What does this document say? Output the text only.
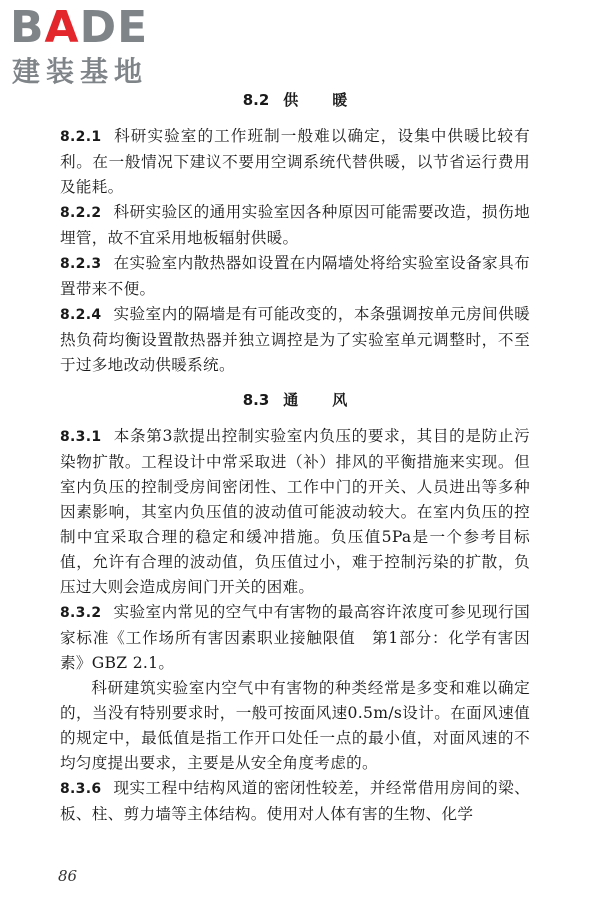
BADE
建装基地
8.2 供暖

8.2.1 科研实验室的工作班制一般难以确定，设集中供暖比较有利。在一般情况下建议不要用空调系统代替供暖，以节省运行费用及能耗。

8.2.2 科研实验区的通用实验室因各种原因可能需要改造，损伤地埋管，故不宜采用地板辐射供暖。

8.2.3 在实验室内散热器如设置在内隔墙处将给实验室设备家具布置带来不便。

8.2.4 实验室内的隔墙是有可能改变的，本条强调按单元房间供暖热负荷均衡设置散热器并独立调控是为了实验室单元调整时，不至于过多地改动供暖系统。

8.3 通风

8.3.1 本条第3款提出控制实验室内负压的要求，其目的是防止污染物扩散。工程设计中常采取进（补）排风的平衡措施来实现。但室内负压的控制受房间密闭性、工作中门的开关、人员进出等多种因素影响，其室内负压值的波动值可能波动较大。在室内负压的控制中宜采取合理的稳定和缓冲措施。负压值5Pa是一个参考目标值，允许有合理的波动值，负压值过小，难于控制污染的扩散，负压过大则会造成房间门开关的困难。

8.3.2 实验室内常见的空气中有害物的最高容许浓度可参见现行国家标准《工作场所有害因素职业接触限值　第1部分：化学有害因素》GBZ 2.1。

科研建筑实验室内空气中有害物的种类经常是多变和难以确定的，当没有特别要求时，一般可按面风速0.5m/s设计。在面风速值的规定中，最低值是指工作开口处任一点的最小值，对面风速的不均匀度提出要求，主要是从安全角度考虑的。

8.3.6 现实工程中结构风道的密闭性较差，并经常借用房间的梁、板、柱、剪力墙等主体结构。使用对人体有害的生物、化学

86
